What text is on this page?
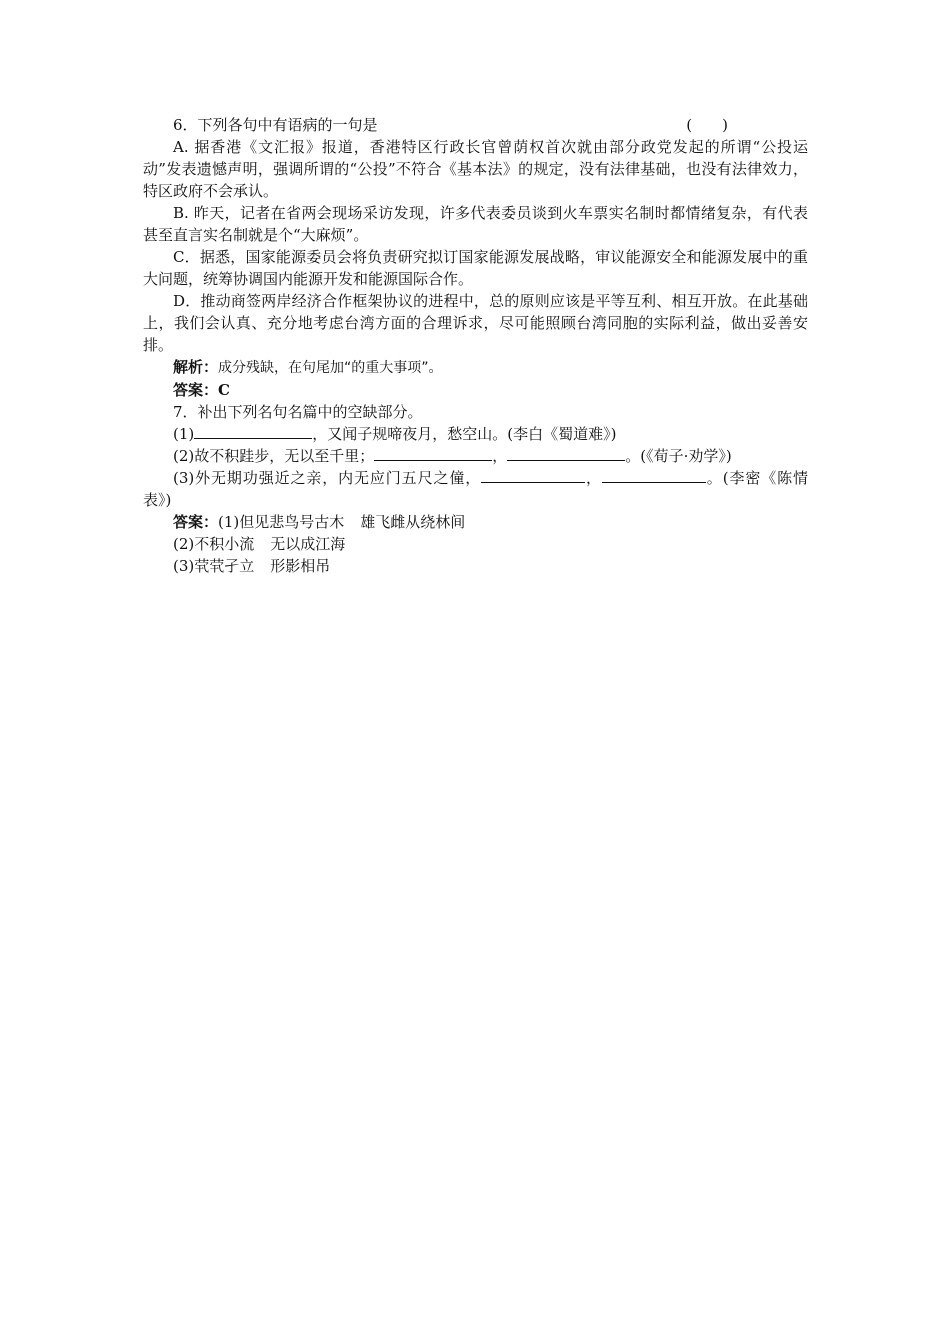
6．下列各句中有语病的一句是	(　　)

A. 据香港《文汇报》报道，香港特区行政长官曾荫权首次就由部分政党发起的所谓“公投运动”发表遗憾声明，强调所谓的“公投”不符合《基本法》的规定，没有法律基础，也没有法律效力，特区政府不会承认。

B. 昨天，记者在省两会现场采访发现，许多代表委员谈到火车票实名制时都情绪复杂，有代表甚至直言实名制就是个“大麻烦”。

C．据悉，国家能源委员会将负责研究拟订国家能源发展战略，审议能源安全和能源发展中的重大问题，统筹协调国内能源开发和能源国际合作。

D．推动商签两岸经济合作框架协议的进程中，总的原则应该是平等互利、相互开放。在此基础上，我们会认真、充分地考虑台湾方面的合理诉求，尽可能照顾台湾同胞的实际利益，做出妥善安排。

解析：成分残缺，在句尾加“的重大事项”。

答案：C

7．补出下列名句名篇中的空缺部分。

(1)	，又闻子规啼夜月，愁空山。(李白《蜀道难》)

(2)故不积跬步，无以至千里；	，	。(《荀子·劝学》)

(3)外无期功强近之亲，内无应门五尺之僮，	，	。(李密《陈情表》)

答案：(1)但见悲鸟号古木 雄飞雌从绕林间

(2)不积小流 无以成江海

(3)茕茕孑立 形影相吊
